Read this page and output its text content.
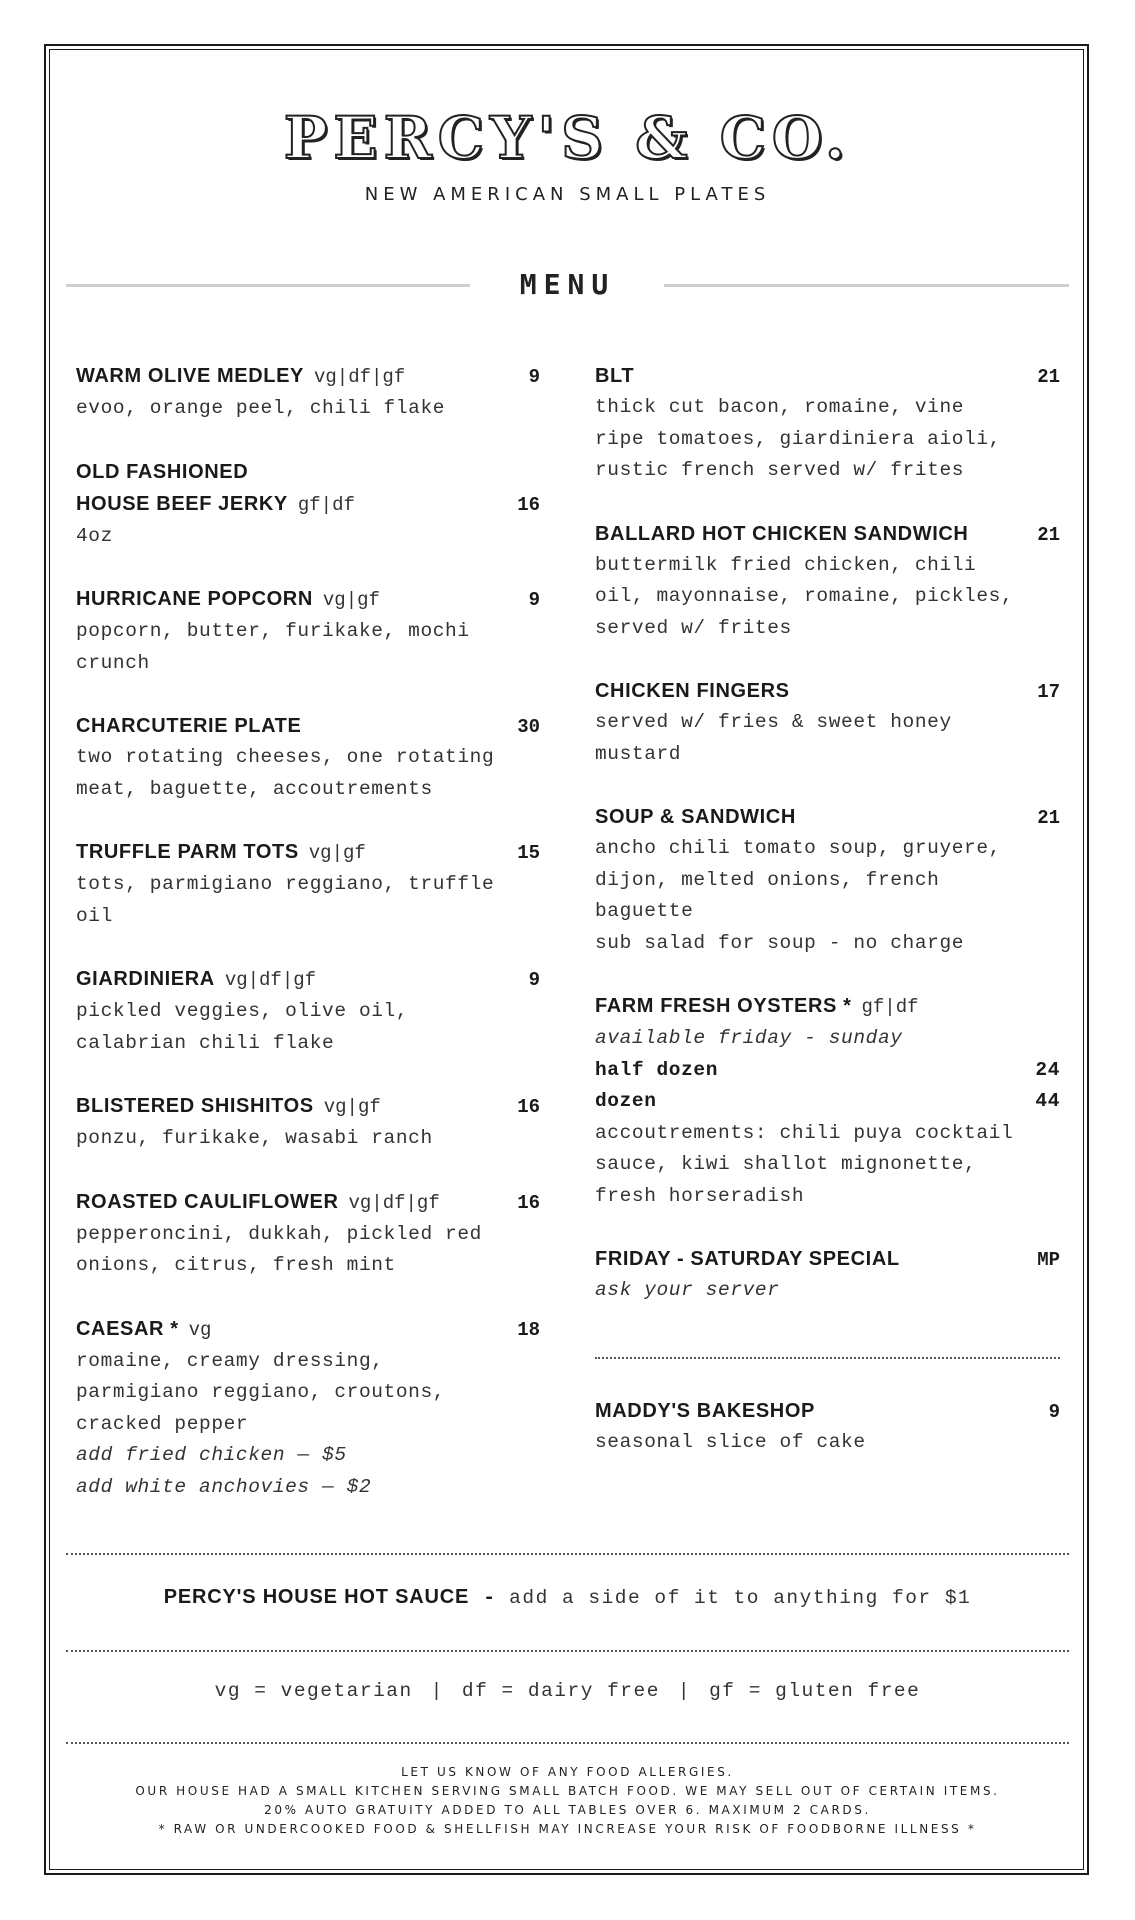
PERCY'S & CO.
NEW AMERICAN SMALL PLATES
MENU
WARM OLIVE MEDLEY vg|df|gf	9
evoo, orange peel, chili flake
OLD FASHIONED
HOUSE BEEF JERKY gf|df	16
4oz
HURRICANE POPCORN vg|gf	9
popcorn, butter, furikake, mochi
crunch
CHARCUTERIE PLATE	30
two rotating cheeses, one rotating
meat, baguette, accoutrements
TRUFFLE PARM TOTS vg|gf	15
tots, parmigiano reggiano, truffle
oil
GIARDINIERA vg|df|gf	9
pickled veggies, olive oil,
calabrian chili flake
BLISTERED SHISHITOS vg|gf	16
ponzu, furikake, wasabi ranch
ROASTED CAULIFLOWER vg|df|gf	16
pepperoncini, dukkah, pickled red
onions, citrus, fresh mint
CAESAR * vg	18
romaine, creamy dressing,
parmigiano reggiano, croutons,
cracked pepper
add fried chicken — $5
add white anchovies — $2
BLT	21
thick cut bacon, romaine, vine
ripe tomatoes, giardiniera aioli,
rustic french served w/ frites
BALLARD HOT CHICKEN SANDWICH	21
buttermilk fried chicken, chili
oil, mayonnaise, romaine, pickles,
served w/ frites
CHICKEN FINGERS	17
served w/ fries & sweet honey
mustard
SOUP & SANDWICH	21
ancho chili tomato soup, gruyere,
dijon, melted onions, french
baguette
sub salad for soup - no charge
FARM FRESH OYSTERS * gf|df
available friday - sunday
half dozen	24
dozen	44
accoutrements: chili puya cocktail
sauce, kiwi shallot mignonette,
fresh horseradish
FRIDAY - SATURDAY SPECIAL	MP
ask your server
MADDY'S BAKESHOP	9
seasonal slice of cake
PERCY'S HOUSE HOT SAUCE - add a side of it to anything for $1
vg = vegetarian | df = dairy free | gf = gluten free
LET US KNOW OF ANY FOOD ALLERGIES.
OUR HOUSE HAD A SMALL KITCHEN SERVING SMALL BATCH FOOD. WE MAY SELL OUT OF CERTAIN ITEMS.
20% AUTO GRATUITY ADDED TO ALL TABLES OVER 6. MAXIMUM 2 CARDS.
* RAW OR UNDERCOOKED FOOD & SHELLFISH MAY INCREASE YOUR RISK OF FOODBORNE ILLNESS *
